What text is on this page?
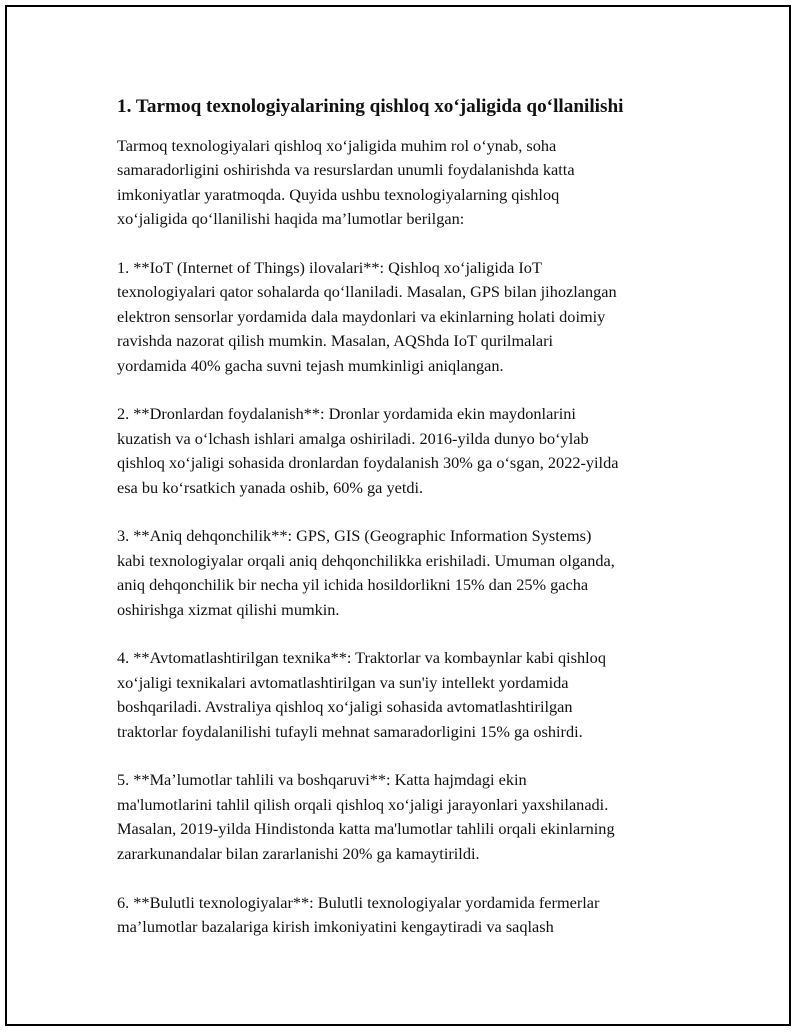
1. Tarmoq texnologiyalarining qishloq xo‘jaligida qo‘llanilishi
Tarmoq texnologiyalari qishloq xo‘jaligida muhim rol o‘ynab, soha
samaradorligini oshirishda va resurslardan unumli foydalanishda katta
imkoniyatlar yaratmoqda. Quyida ushbu texnologiyalarning qishloq
xo‘jaligida qo‘llanilishi haqida ma’lumotlar berilgan:
1. **IoT (Internet of Things) ilovalari**: Qishloq xo‘jaligida IoT
texnologiyalari qator sohalarda qo‘llaniladi. Masalan, GPS bilan jihozlangan
elektron sensorlar yordamida dala maydonlari va ekinlarning holati doimiy
ravishda nazorat qilish mumkin. Masalan, AQShda IoT qurilmalari
yordamida 40% gacha suvni tejash mumkinligi aniqlangan.
2. **Dronlardan foydalanish**: Dronlar yordamida ekin maydonlarini
kuzatish va o‘lchash ishlari amalga oshiriladi. 2016-yilda dunyo bo‘ylab
qishloq xo‘jaligi sohasida dronlardan foydalanish 30% ga o‘sgan, 2022-yilda
esa bu ko‘rsatkich yanada oshib, 60% ga yetdi.
3. **Aniq dehqonchilik**: GPS, GIS (Geographic Information Systems)
kabi texnologiyalar orqali aniq dehqonchilikka erishiladi. Umuman olganda,
aniq dehqonchilik bir necha yil ichida hosildorlikni 15% dan 25% gacha
oshirishga xizmat qilishi mumkin.
4. **Avtomatlashtirilgan texnika**: Traktorlar va kombaynlar kabi qishloq
xo‘jaligi texnikalari avtomatlashtirilgan va sun'iy intellekt yordamida
boshqariladi. Avstraliya qishloq xo‘jaligi sohasida avtomatlashtirilgan
traktorlar foydalanilishi tufayli mehnat samaradorligini 15% ga oshirdi.
5. **Ma’lumotlar tahlili va boshqaruvi**: Katta hajmdagi ekin
ma'lumotlarini tahlil qilish orqali qishloq xo‘jaligi jarayonlari yaxshilanadi.
Masalan, 2019-yilda Hindistonda katta ma'lumotlar tahlili orqali ekinlarning
zararkunandalar bilan zararlanishi 20% ga kamaytirildi.
6. **Bulutli texnologiyalar**: Bulutli texnologiyalar yordamida fermerlar
ma’lumotlar bazalariga kirish imkoniyatini kengaytiradi va saqlash
